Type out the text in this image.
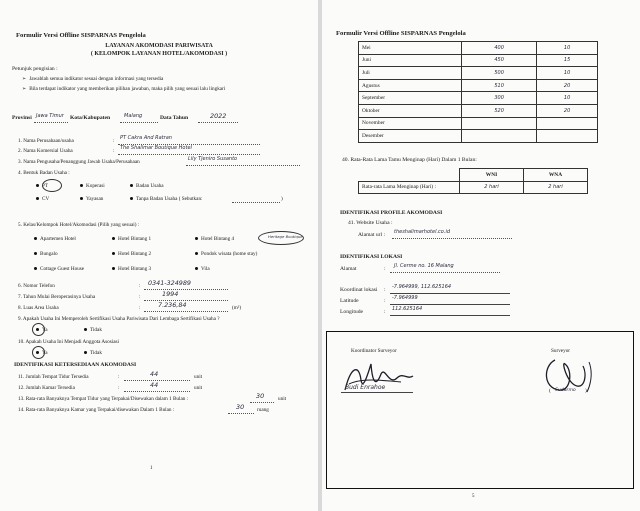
Formulir Versi Offline SISPARNAS Pengelola
LAYANAN AKOMODASI PARIWISATA
( KELOMPOK LAYANAN HOTEL/AKOMODASI )
Petunjuk pengisian :
➢ Jawablah semua indikator sesuai dengan informasi yang tersedia
➢ Bila terdapat indikator yang memberikan pilihan jawaban, maka pilih yang sesuai lalu lingkari
Provinsi Jawa Timur Kota/Kabupaten	Malang	Data Tahun	2022
1. Nama Perusahaan/usaha	: PT Cakra And Ratran
2. Nama Komersial Usaha	: The Shalimar Boutique Hotel
3. Nama Pengusaha/Penanggung Jawab Usaha/Perusahaan	Lily Tjeniro Susanto
4. Bentuk Badan Usaha :
PT	Koperasi	Badan Usaha
CV	Yayasan	Tanpa Badan Usaha ( Sebutkan:	)
5. Kelas/Kelompok Hotel/Akomodasi (Pilih yang sesuai) :
Apartemen Hotel	Hotel Bintang 1	Hotel Bintang 4	Heritage Boutique
Bungalo	Hotel Bintang 2	Pondok wisata (home stay)
Cottage Guest House	Hotel Bintang 3	Vila
6. Nomor Telefon	: 0341-324989
7. Tahun Mulai Beroperasinya Usaha	:	1994
8. Luas Area Usaha	:	7.236,84	(m²)
9. Apakah Usaha Ini Memperoleh Sertifikasi Usaha Pariwisata Dari Lembaga Sertifikasi Usaha ?
Ya	Tidak
10. Apakah Usaha Ini Menjadi Anggota Asosiasi
Ya	Tidak
IDENTIFIKASI KETERSEDIAAN AKOMODASI
11. Jumlah Tempat Tidur Tersedia	:	44	unit
12. Jumlah Kamar Tersedia	:	44	unit
13. Rata-rata Banyaknya Tempat Tidur yang Terpakai/Disewakan dalam 1 Bulan :	30	unit
14. Rata-rata Banyaknya Kamar yang Terpakai/disewakan Dalam 1 Bulan :	30 ruang
1
Formulir Versi Offline SISPARNAS Pengelola
Mei	400	10
Juni	450	15
Juli	500	10
Agustus	510	20
September	300	10
Oktober	520	20
November		
Desember		
40. Rata-Rata Lama Tamu Menginap (Hari) Dalam 1 Bulan:
	WNI	WNA
Rata-rata Lama Menginap (Hari) :	2 hari	2 hari
IDENTIFIKASI PROFILE AKOMODASI
41. Website Usaha :
Alamat url : theshalimarhotel.co.id
IDENTIFIKASI LOKASI
Alamat	: Jl. Cerme no. 16 Malang
Koordinat lokasi : -7.964999, 112.625164
Latitude	: -7.964999
Longitude	: 112.625164
Koordinator Surveyor	Surveyor
Budi Enrahoe	( Sudarmo )
5
